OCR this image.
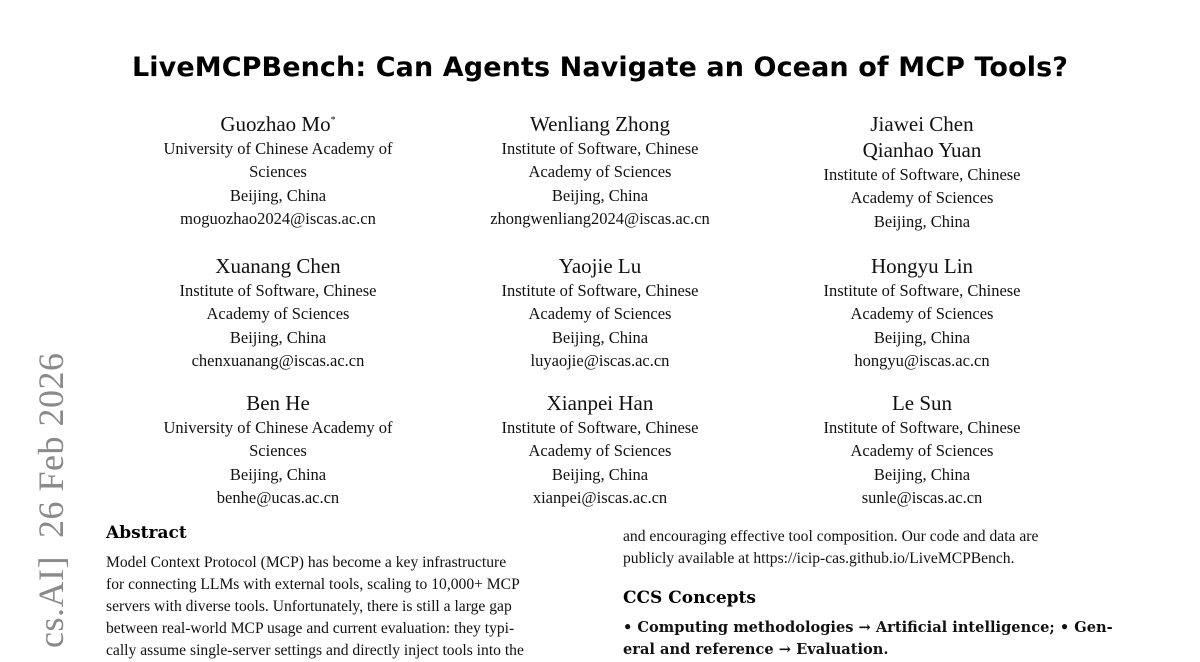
cs.AI]26 Feb 2026
LiveMCPBench: Can Agents Navigate an Ocean of MCP Tools?
Guozhao Mo*
University of Chinese Academy of
Sciences
Beijing, China
moguozhao2024@iscas.ac.cn
Wenliang Zhong
Institute of Software, Chinese
Academy of Sciences
Beijing, China
zhongwenliang2024@iscas.ac.cn
Jiawei Chen
Qianhao Yuan
Institute of Software, Chinese
Academy of Sciences
Beijing, China
Xuanang Chen
Institute of Software, Chinese
Academy of Sciences
Beijing, China
chenxuanang@iscas.ac.cn
Yaojie Lu
Institute of Software, Chinese
Academy of Sciences
Beijing, China
luyaojie@iscas.ac.cn
Hongyu Lin
Institute of Software, Chinese
Academy of Sciences
Beijing, China
hongyu@iscas.ac.cn
Ben He
University of Chinese Academy of
Sciences
Beijing, China
benhe@ucas.ac.cn
Xianpei Han
Institute of Software, Chinese
Academy of Sciences
Beijing, China
xianpei@iscas.ac.cn
Le Sun
Institute of Software, Chinese
Academy of Sciences
Beijing, China
sunle@iscas.ac.cn
Abstract
Model Context Protocol (MCP) has become a key infrastructure
for connecting LLMs with external tools, scaling to 10,000+ MCP
servers with diverse tools. Unfortunately, there is still a large gap
between real-world MCP usage and current evaluation: they typi-
cally assume single-server settings and directly inject tools into the
and encouraging effective tool composition. Our code and data are
publicly available at https://icip-cas.github.io/LiveMCPBench.
CCS Concepts
• Computing methodologies → Artificial intelligence; • Gen-
eral and reference → Evaluation.
